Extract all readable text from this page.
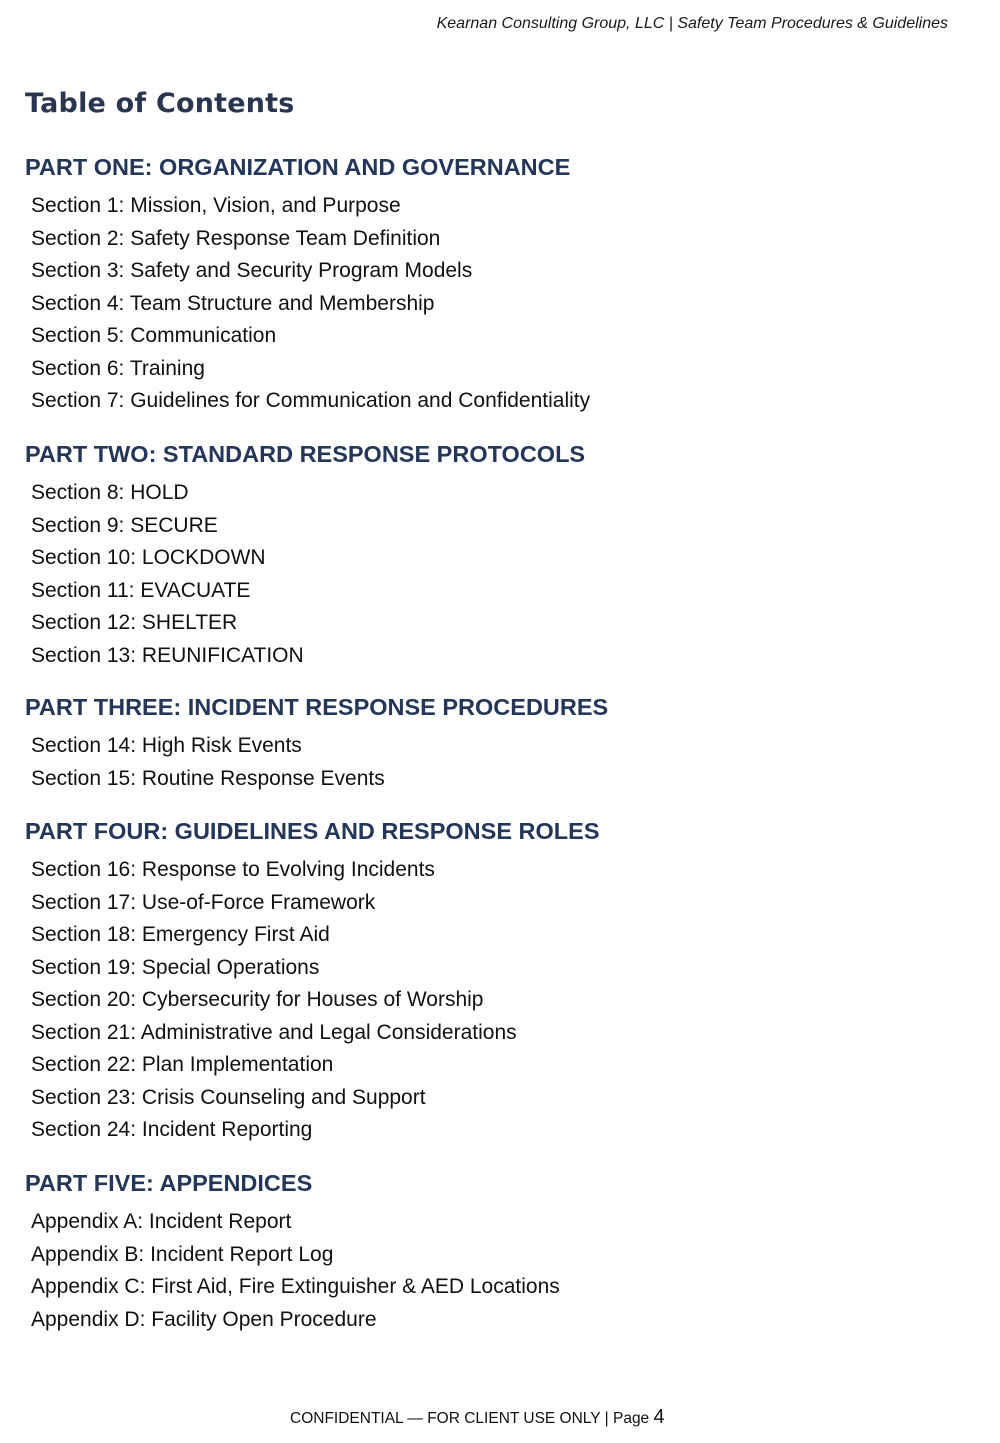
Kearnan Consulting Group, LLC | Safety Team Procedures & Guidelines
Table of Contents
PART ONE: ORGANIZATION AND GOVERNANCE
Section 1: Mission, Vision, and Purpose
Section 2: Safety Response Team Definition
Section 3: Safety and Security Program Models
Section 4: Team Structure and Membership
Section 5: Communication
Section 6: Training
Section 7: Guidelines for Communication and Confidentiality
PART TWO: STANDARD RESPONSE PROTOCOLS
Section 8: HOLD
Section 9: SECURE
Section 10: LOCKDOWN
Section 11: EVACUATE
Section 12: SHELTER
Section 13: REUNIFICATION
PART THREE: INCIDENT RESPONSE PROCEDURES
Section 14: High Risk Events
Section 15: Routine Response Events
PART FOUR: GUIDELINES AND RESPONSE ROLES
Section 16: Response to Evolving Incidents
Section 17: Use-of-Force Framework
Section 18: Emergency First Aid
Section 19: Special Operations
Section 20: Cybersecurity for Houses of Worship
Section 21: Administrative and Legal Considerations
Section 22: Plan Implementation
Section 23: Crisis Counseling and Support
Section 24: Incident Reporting
PART FIVE: APPENDICES
Appendix A: Incident Report
Appendix B: Incident Report Log
Appendix C: First Aid, Fire Extinguisher & AED Locations
Appendix D: Facility Open Procedure
CONFIDENTIAL — FOR CLIENT USE ONLY | Page 4
